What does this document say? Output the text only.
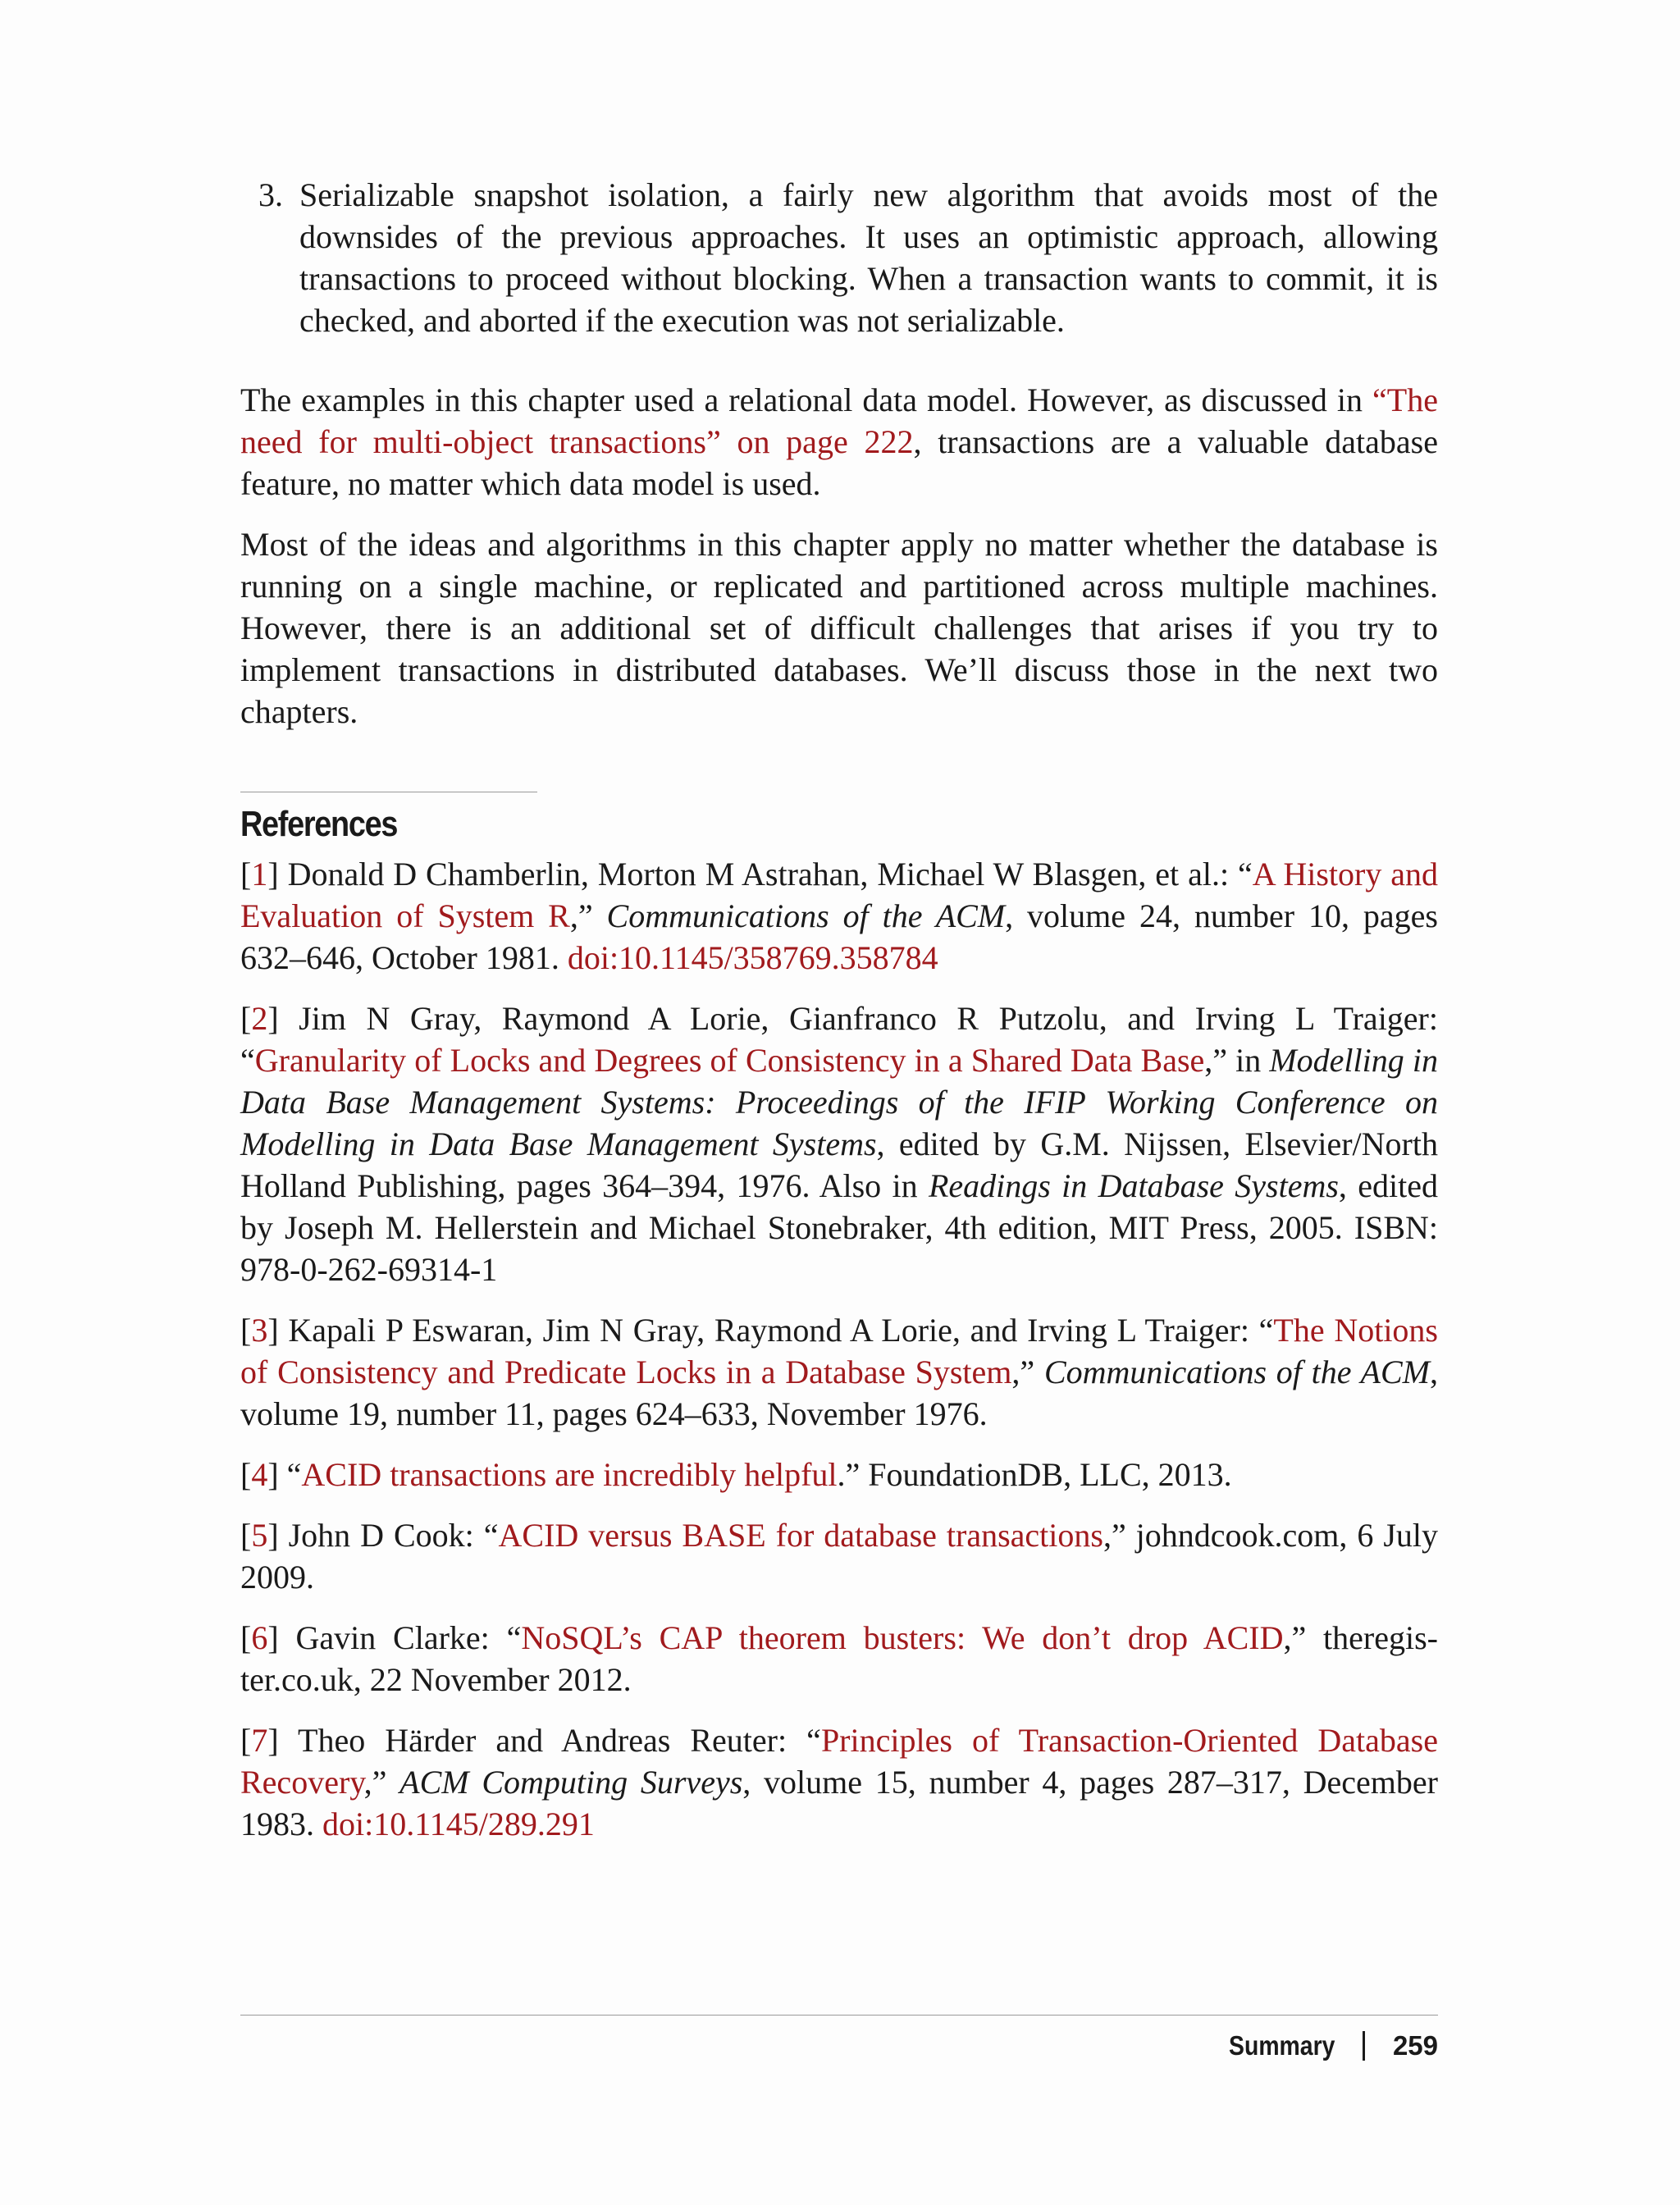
3. Serializable snapshot isolation, a fairly new algorithm that avoids most of the downsides of the previous approaches. It uses an optimistic approach, allowing transactions to proceed without blocking. When a transaction wants to commit, it is checked, and aborted if the execution was not serializable.

The examples in this chapter used a relational data model. However, as discussed in “The need for multi-object transactions” on page 222, transactions are a valuable database feature, no matter which data model is used.

Most of the ideas and algorithms in this chapter apply no matter whether the database is running on a single machine, or replicated and partitioned across multiple machines. However, there is an additional set of difficult challenges that arises if you try to implement transactions in distributed databases. We’ll discuss those in the next two chapters.

References

[1] Donald D Chamberlin, Morton M Astrahan, Michael W Blasgen, et al.: “A History and Evaluation of System R,” Communications of the ACM, volume 24, number 10, pages 632–646, October 1981. doi:10.1145/358769.358784

[2] Jim N Gray, Raymond A Lorie, Gianfranco R Putzolu, and Irving L Traiger: “Granularity of Locks and Degrees of Consistency in a Shared Data Base,” in Modelling in Data Base Management Systems: Proceedings of the IFIP Working Conference on Modelling in Data Base Management Systems, edited by G.M. Nijssen, Elsevier/North Holland Publishing, pages 364–394, 1976. Also in Readings in Database Systems, edited by Joseph M. Hellerstein and Michael Stonebraker, 4th edition, MIT Press, 2005. ISBN: 978-0-262-69314-1

[3] Kapali P Eswaran, Jim N Gray, Raymond A Lorie, and Irving L Traiger: “The Notions of Consistency and Predicate Locks in a Database System,” Communications of the ACM, volume 19, number 11, pages 624–633, November 1976.

[4] “ACID transactions are incredibly helpful.” FoundationDB, LLC, 2013.

[5] John D Cook: “ACID versus BASE for database transactions,” johndcook.com, 6 July 2009.

[6] Gavin Clarke: “NoSQL’s CAP theorem busters: We don’t drop ACID,” theregister.co.uk, 22 November 2012.

[7] Theo Härder and Andreas Reuter: “Principles of Transaction-Oriented Database Recovery,” ACM Computing Surveys, volume 15, number 4, pages 287–317, December 1983. doi:10.1145/289.291

Summary 259
